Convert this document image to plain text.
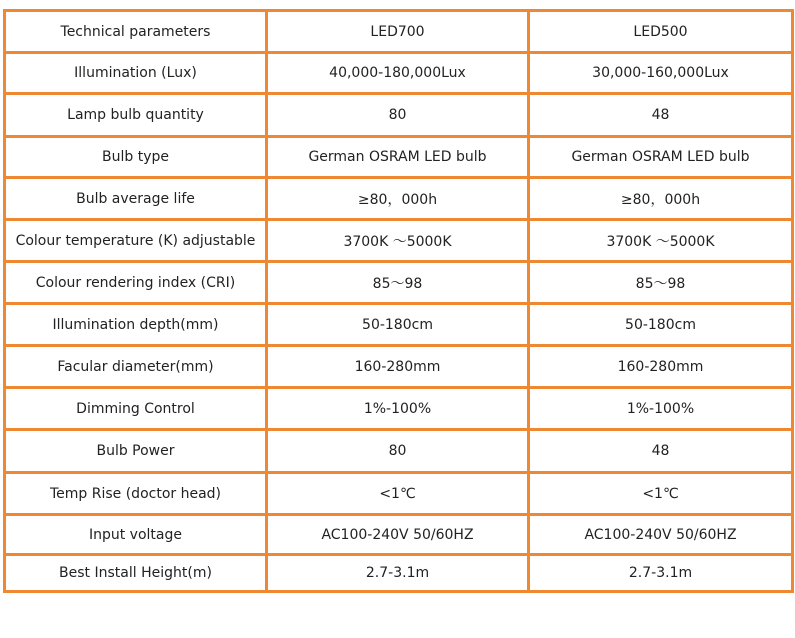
Technical parameters	LED700	LED500
Illumination (Lux)	40,000-180,000Lux	30,000-160,000Lux
Lamp bulb quantity	80	48
Bulb type	German OSRAM LED bulb	German OSRAM LED bulb
Bulb average life	≥80，000h	≥80，000h
Colour temperature (K) adjustable	3700K ～5000K	3700K ～5000K
Colour rendering index (CRI)	85～98	85～98
Illumination depth(mm)	50-180cm	50-180cm
Facular diameter(mm)	160-280mm	160-280mm
Dimming Control	1%-100%	1%-100%
Bulb Power	80	48
Temp Rise (doctor head)	<1℃	<1℃
Input voltage	AC100-240V 50/60HZ	AC100-240V 50/60HZ
Best Install Height(m)	2.7-3.1m	2.7-3.1m
